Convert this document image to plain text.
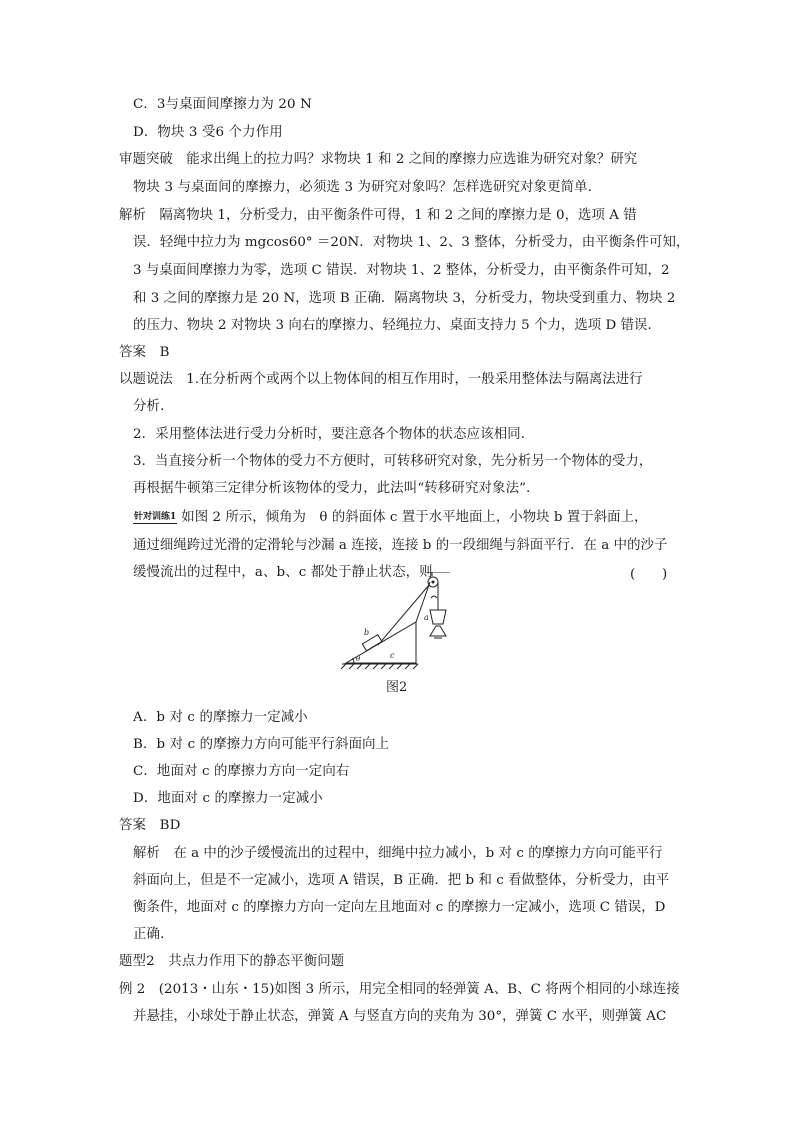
C．3与桌面间摩擦力为 20 N
D．物块 3 受6 个力作用
审题突破　能求出绳上的拉力吗？求物块 1 和 2 之间的摩擦力应选谁为研究对象？研究
物块 3 与桌面间的摩擦力，必须选 3 为研究对象吗？怎样选研究对象更简单．
解析　隔离物块 1，分析受力，由平衡条件可得，1 和 2 之间的摩擦力是 0，选项 A 错
误．轻绳中拉力为 mgcos60° ＝20N．对物块 1、2、3 整体，分析受力，由平衡条件可知，
3 与桌面间摩擦力为零，选项 C 错误．对物块 1、2 整体，分析受力，由平衡条件可知，2
和 3 之间的摩擦力是 20 N，选项 B 正确．隔离物块 3，分析受力，物块受到重力、物块 2
的压力、物块 2 对物块 3 向右的摩擦力、轻绳拉力、桌面支持力 5 个力，选项 D 错误．
答案　B
以题说法　1.在分析两个或两个以上物体间的相互作用时，一般采用整体法与隔离法进行
分析．
2．采用整体法进行受力分析时，要注意各个物体的状态应该相同．
3．当直接分析一个物体的受力不方便时，可转移研究对象，先分析另一个物体的受力，
再根据牛顿第三定律分析该物体的受力，此法叫“转移研究对象法”．
针对训练1 如图 2 所示，倾角为　θ 的斜面体 c 置于水平地面上，小物块 b 置于斜面上，
通过细绳跨过光滑的定滑轮与沙漏 a 连接，连接 b 的一段细绳与斜面平行．在 a 中的沙子
缓慢流出的过程中，a、b、c 都处于静止状态，则	(　　)
b
a
c
θ
图2
A．b 对 c 的摩擦力一定减小
B．b 对 c 的摩擦力方向可能平行斜面向上
C．地面对 c 的摩擦力方向一定向右
D．地面对 c 的摩擦力一定减小
答案　BD
解析　在 a 中的沙子缓慢流出的过程中，细绳中拉力减小，b 对 c 的摩擦力方向可能平行
斜面向上，但是不一定减小，选项 A 错误，B 正确．把 b 和 c 看做整体，分析受力，由平
衡条件，地面对 c 的摩擦力方向一定向左且地面对 c 的摩擦力一定减小，选项 C 错误，D
正确．
题型2　共点力作用下的静态平衡问题
例 2　(2013・山东・15)如图 3 所示，用完全相同的轻弹簧 A、B、C 将两个相同的小球连接
并悬挂，小球处于静止状态，弹簧 A 与竖直方向的夹角为 30°，弹簧 C 水平，则弹簧 AC
